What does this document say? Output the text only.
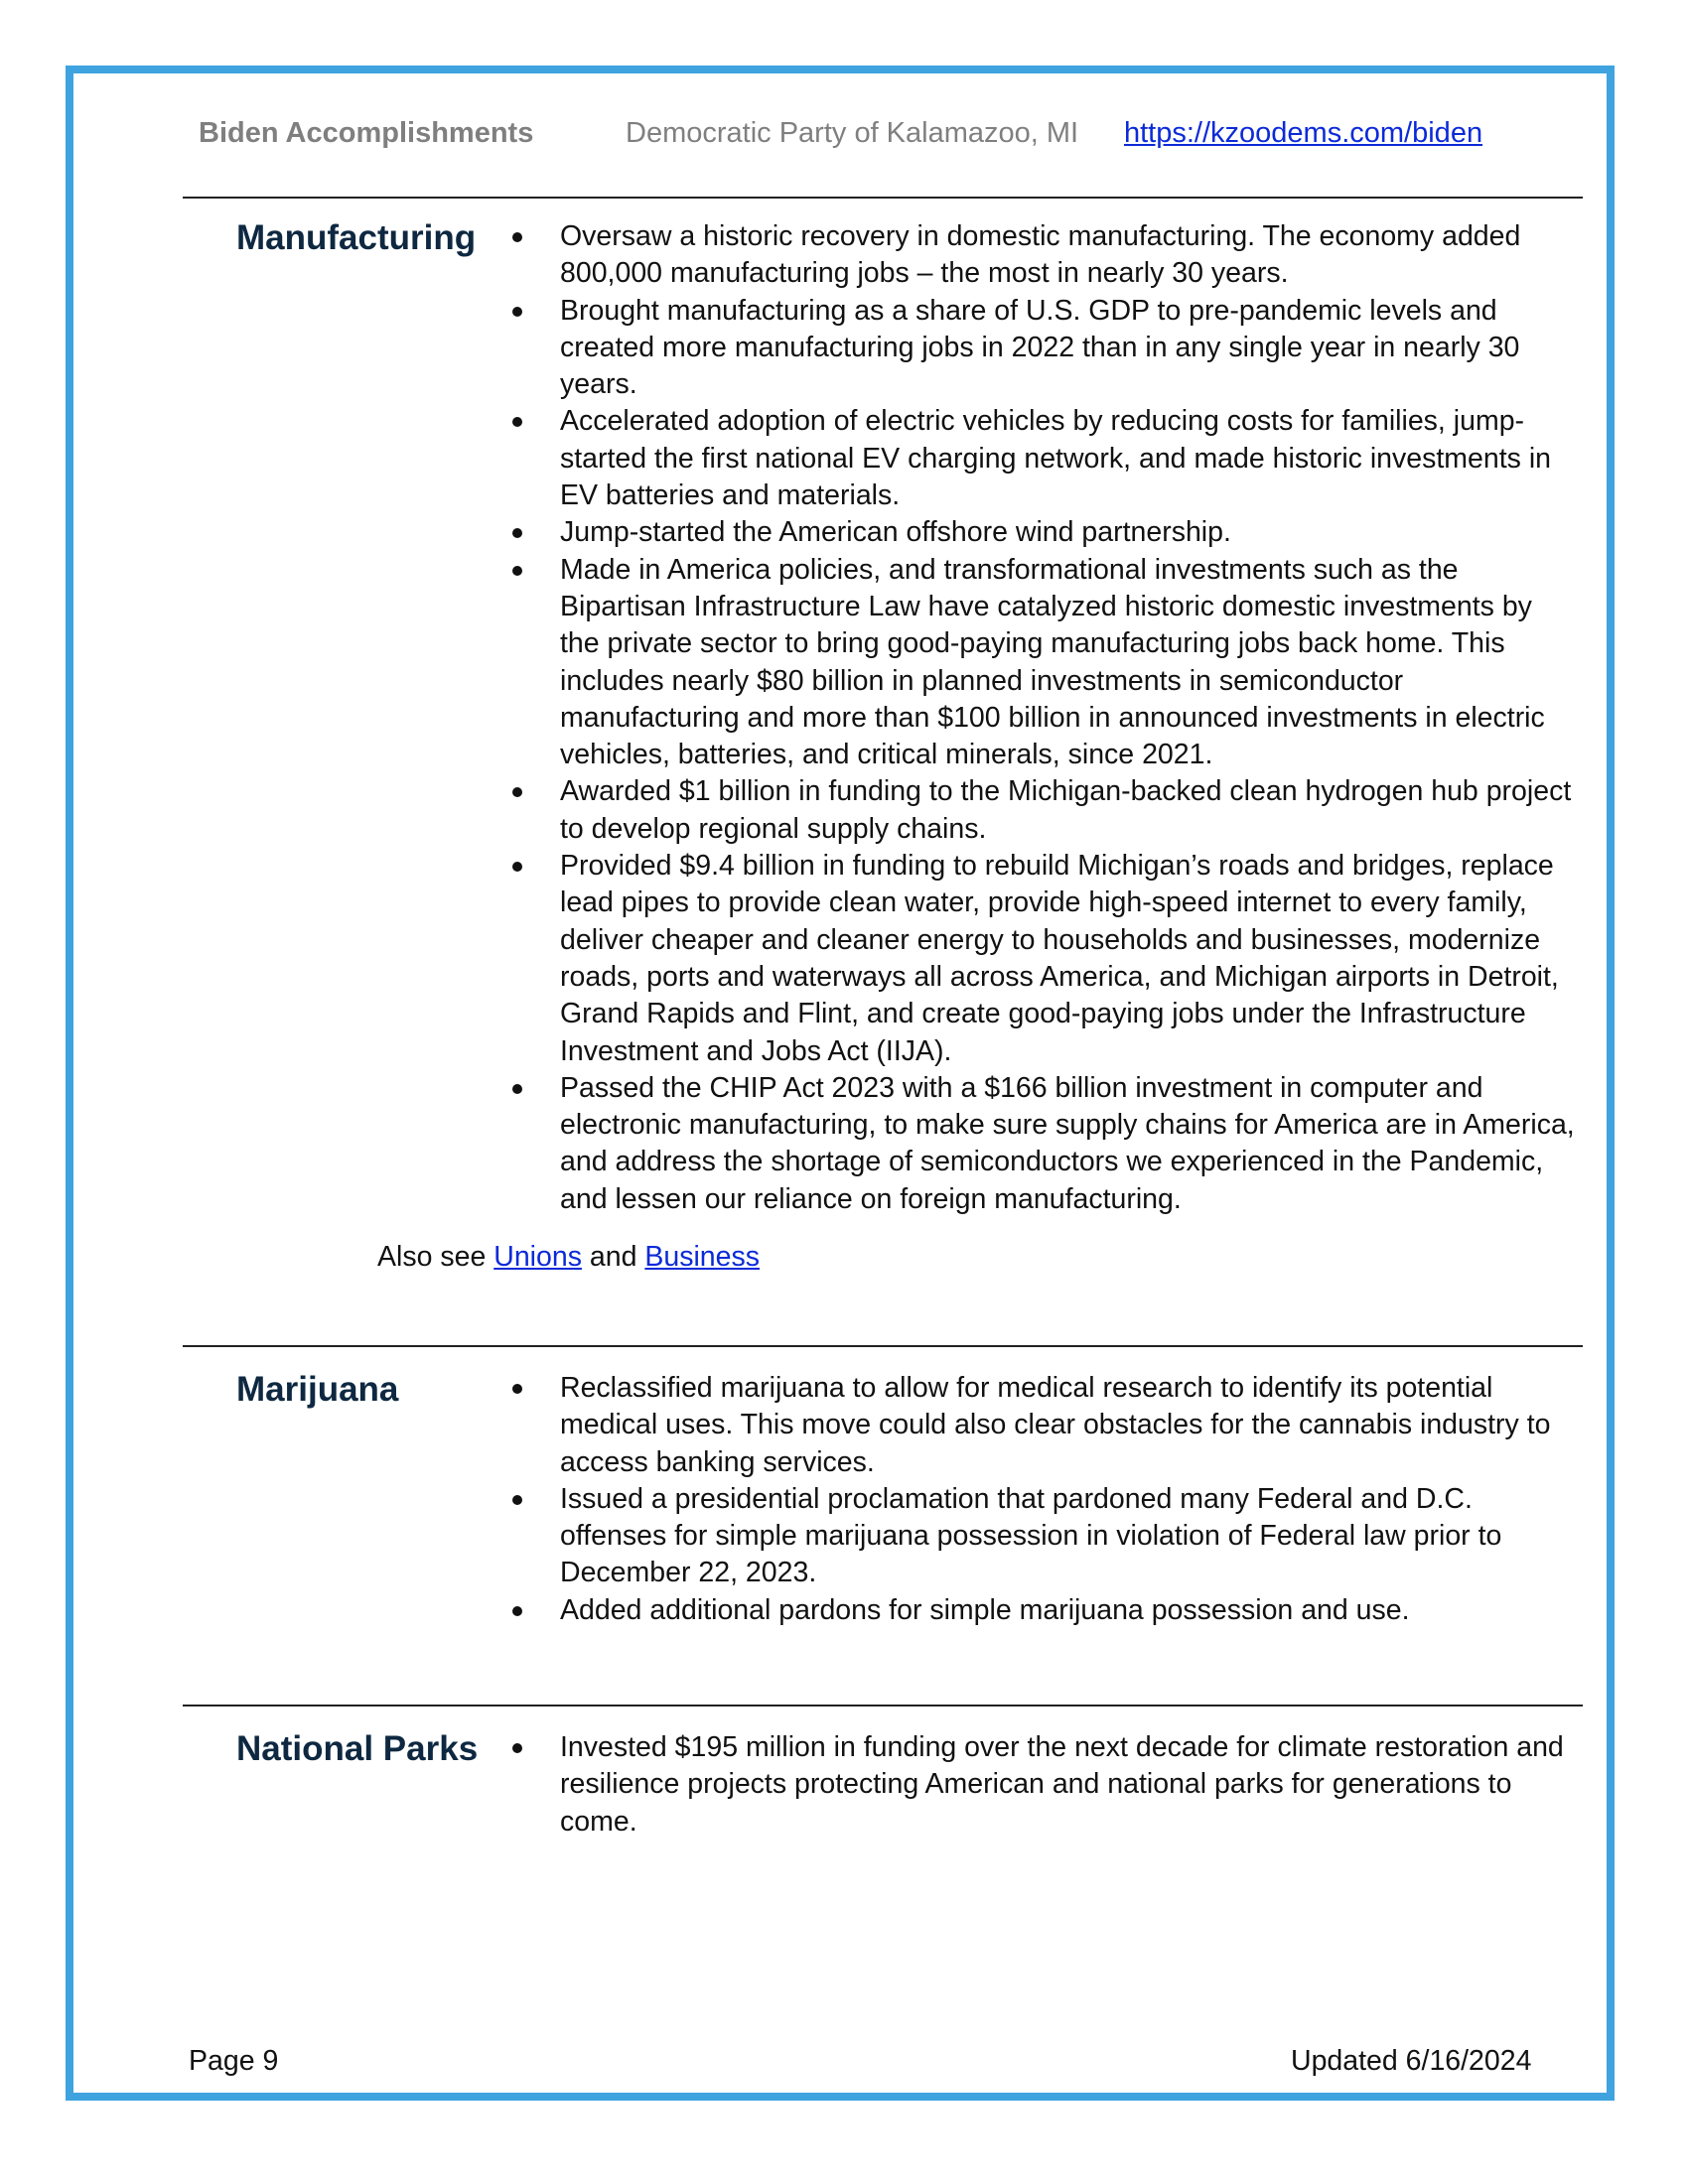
Biden Accomplishments	Democratic Party of Kalamazoo, MI https://kzoodems.com/biden
Manufacturing	Oversaw a historic recovery in domestic manufacturing. The economy added 800,000 manufacturing jobs – the most in nearly 30 years.
Brought manufacturing as a share of U.S. GDP to pre-pandemic levels and created more manufacturing jobs in 2022 than in any single year in nearly 30 years.
Accelerated adoption of electric vehicles by reducing costs for families, jump-started the first national EV charging network, and made historic investments in EV batteries and materials.
Jump-started the American offshore wind partnership.
Made in America policies, and transformational investments such as the Bipartisan Infrastructure Law have catalyzed historic domestic investments by the private sector to bring good-paying manufacturing jobs back home. This includes nearly $80 billion in planned investments in semiconductor manufacturing and more than $100 billion in announced investments in electric vehicles, batteries, and critical minerals, since 2021.
Awarded $1 billion in funding to the Michigan-backed clean hydrogen hub project to develop regional supply chains.
Provided $9.4 billion in funding to rebuild Michigan’s roads and bridges, replace lead pipes to provide clean water, provide high-speed internet to every family, deliver cheaper and cleaner energy to households and businesses, modernize roads, ports and waterways all across America, and Michigan airports in Detroit, Grand Rapids and Flint, and create good-paying jobs under the Infrastructure Investment and Jobs Act (IIJA).
Passed the CHIP Act 2023 with a $166 billion investment in computer and electronic manufacturing, to make sure supply chains for America are in America, and address the shortage of semiconductors we experienced in the Pandemic, and lessen our reliance on foreign manufacturing.
Also see Unions and Business
Marijuana	Reclassified marijuana to allow for medical research to identify its potential medical uses. This move could also clear obstacles for the cannabis industry to access banking services.
Issued a presidential proclamation that pardoned many Federal and D.C. offenses for simple marijuana possession in violation of Federal law prior to December 22, 2023.
Added additional pardons for simple marijuana possession and use.
National Parks	Invested $195 million in funding over the next decade for climate restoration and resilience projects protecting American and national parks for generations to come.
Page 9	Updated 6/16/2024
